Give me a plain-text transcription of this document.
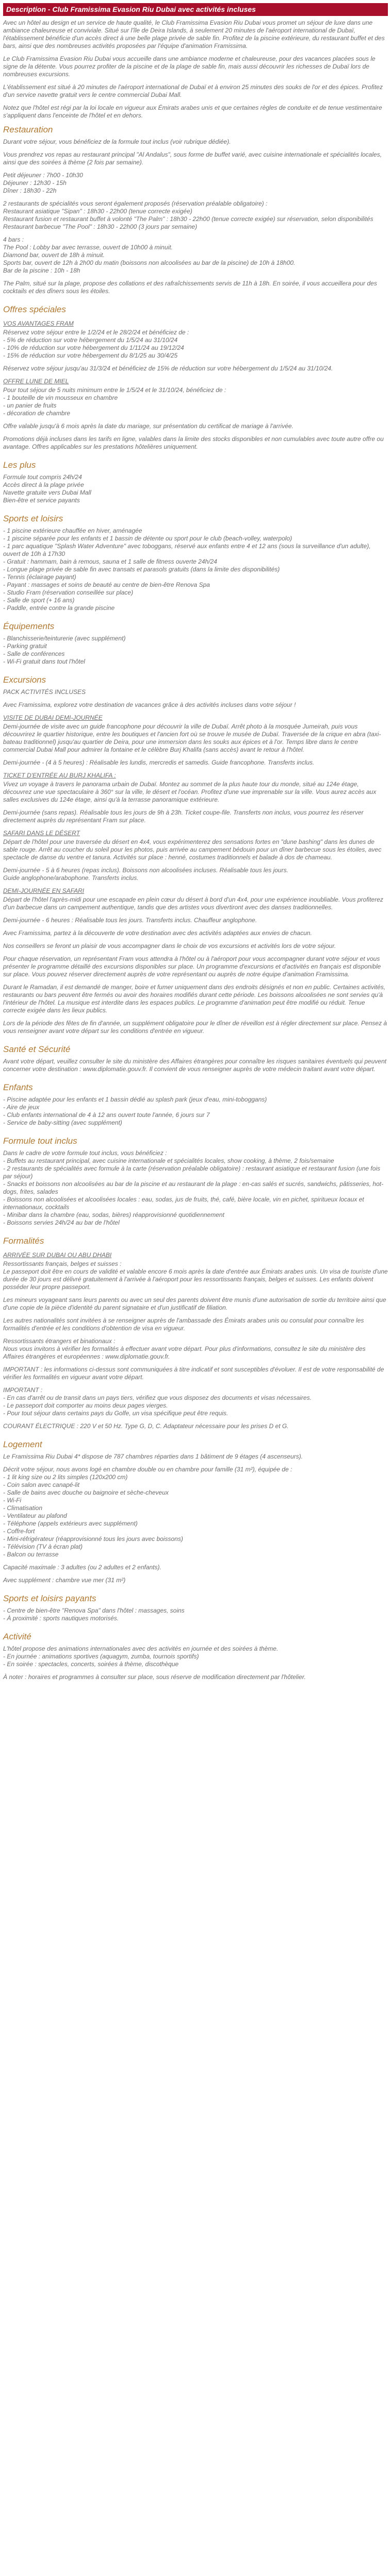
Description - Club Framissima Evasion Riu Dubai avec activités incluses

Avec un hôtel au design et un service de haute qualité, le Club Framissima Evasion Riu Dubai vous promet un séjour de luxe dans une ambiance chaleureuse et conviviale. Situé sur l'île de Deira Islands, à seulement 20 minutes de l'aéroport international de Dubaï, l'établissement bénéficie d'un accès direct à une belle plage privée de sable fin. Profitez de la piscine extérieure, du restaurant buffet et des bars, ainsi que des nombreuses activités proposées par l'équipe d'animation Framissima.

Le Club Framissima Evasion Riu Dubai vous accueille dans une ambiance moderne et chaleureuse, pour des vacances placées sous le signe de la détente. Vous pourrez profiter de la piscine et de la plage de sable fin, mais aussi découvrir les richesses de Dubaï lors de nombreuses excursions.

L'établissement est situé à 20 minutes de l'aéroport international de Dubaï et à environ 25 minutes des souks de l'or et des épices. Profitez d'un service navette gratuit vers le centre commercial Dubai Mall.

Notez que l'hôtel est régi par la loi locale en vigueur aux Émirats arabes unis et que certaines règles de conduite et de tenue vestimentaire s'appliquent dans l'enceinte de l'hôtel et en dehors.

Restauration
Durant votre séjour, vous bénéficiez de la formule tout inclus (voir rubrique dédiée).
Vous prendrez vos repas au restaurant principal "Al Andalus", sous forme de buffet varié, avec cuisine internationale et spécialités locales, ainsi que des soirées à thème (2 fois par semaine).
Petit déjeuner : 7h00 - 10h30
Déjeuner : 12h30 - 15h
Dîner : 18h30 - 22h
2 restaurants de spécialités vous seront également proposés (réservation préalable obligatoire) :
Restaurant asiatique "Sipan" : 18h30 - 22h00 (tenue correcte exigée)
Restaurant fusion et restaurant buffet à volonté "The Palm" : 18h30 - 22h00 (tenue correcte exigée) sur réservation, selon disponibilités
Restaurant barbecue "The Pool" : 18h30 - 22h00 (3 jours par semaine)
4 bars :
The Pool : Lobby bar avec terrasse, ouvert de 10h00 à minuit.
Diamond bar, ouvert de 18h à minuit.
Sports bar, ouvert de 12h à 2h00 du matin (boissons non alcoolisées au bar de la piscine) de 10h à 18h00.
Bar de la piscine : 10h - 18h
The Palm, situé sur la plage, propose des collations et des rafraîchissements servis de 11h à 18h. En soirée, il vous accueillera pour des cocktails et des dîners sous les étoiles.
Offres spéciales
VOS AVANTAGES FRAM
Réservez votre séjour entre le 1/2/24 et le 28/2/24 et bénéficiez de :
- 5% de réduction sur votre hébergement du 1/5/24 au 31/10/24
- 10% de réduction sur votre hébergement du 1/11/24 au 19/12/24
- 15% de réduction sur votre hébergement du 8/1/25 au 30/4/25
Réservez votre séjour jusqu'au 31/3/24 et bénéficiez de 15% de réduction sur votre hébergement du 1/5/24 au 31/10/24.
OFFRE LUNE DE MIEL
Pour tout séjour de 5 nuits minimum entre le 1/5/24 et le 31/10/24, bénéficiez de :
- 1 bouteille de vin mousseux en chambre
- un panier de fruits
- décoration de chambre
Offre valable jusqu'à 6 mois après la date du mariage, sur présentation du certificat de mariage à l'arrivée.
Promotions déjà incluses dans les tarifs en ligne, valables dans la limite des stocks disponibles et non cumulables avec toute autre offre ou avantage. Offres applicables sur les prestations hôtelières uniquement.
Les plus
Formule tout compris 24h/24
Accès direct à la plage privée
Navette gratuite vers Dubai Mall
Bien-être et service payants
Sports et loisirs
- 1 piscine extérieure chauffée en hiver, aménagée
- 1 piscine séparée pour les enfants et 1 bassin de détente ou sport pour le club (beach-volley, waterpolo)
- 1 parc aquatique "Splash Water Adventure" avec toboggans, réservé aux enfants entre 4 et 12 ans (sous la surveillance d'un adulte), ouvert de 10h à 17h30
- Gratuit : hammam, bain à remous, sauna et 1 salle de fitness ouverte 24h/24
- Longue plage privée de sable fin avec transats et parasols gratuits (dans la limite des disponibilités)
- Tennis (éclairage payant)
- Payant : massages et soins de beauté au centre de bien-être Renova Spa
- Studio Fram (réservation conseillée sur place)
- Salle de sport (+ 16 ans)
- Paddle, entrée contre la grande piscine
Équipements
- Blanchisserie/teinturerie (avec supplément)
- Parking gratuit
- Salle de conférences
- Wi-Fi gratuit dans tout l'hôtel
Excursions
PACK ACTIVITÉS INCLUSES
Avec Framissima, explorez votre destination de vacances grâce à des activités incluses dans votre séjour !
VISITE DE DUBAI DEMI-JOURNÉE
Demi-journée de visite avec un guide francophone pour découvrir la ville de Dubaï. Arrêt photo à la mosquée Jumeirah, puis vous découvrirez le quartier historique, entre les boutiques et l'ancien fort où se trouve le musée de Dubaï. Traversée de la crique en abra (taxi-bateau traditionnel) jusqu'au quartier de Deira, pour une immersion dans les souks aux épices et à l'or. Temps libre dans le centre commercial Dubai Mall pour admirer la fontaine et le célèbre Burj Khalifa (sans accès) avant le retour à l'hôtel.
Demi-journée - (4 à 5 heures) : Réalisable les lundis, mercredis et samedis. Guide francophone. Transferts inclus.
TICKET D'ENTRÉE AU BURJ KHALIFA :
Vivez un voyage à travers le panorama urbain de Dubaï. Montez au sommet de la plus haute tour du monde, situé au 124e étage, découvrez une vue spectaculaire à 360° sur la ville, le désert et l'océan. Profitez d'une vue imprenable sur la ville. Vous aurez accès aux salles exclusives du 124e étage, ainsi qu'à la terrasse panoramique extérieure.
Demi-journée (sans repas). Réalisable tous les jours de 9h à 23h. Ticket coupe-file. Transferts non inclus, vous pourrez les réserver directement auprès du représentant Fram sur place.
SAFARI DANS LE DÉSERT
Départ de l'hôtel pour une traversée du désert en 4x4, vous expérimenterez des sensations fortes en "dune bashing" dans les dunes de sable rouge. Arrêt au coucher du soleil pour les photos, puis arrivée au campement bédouin pour un dîner barbecue sous les étoiles, avec spectacle de danse du ventre et tanura. Activités sur place : henné, costumes traditionnels et balade à dos de chameau.
Demi-journée - 5 à 6 heures (repas inclus). Boissons non alcoolisées incluses. Réalisable tous les jours.
Guide anglophone/arabophone. Transferts inclus.
DEMI-JOURNÉE EN SAFARI
Départ de l'hôtel l'après-midi pour une escapade en plein cœur du désert à bord d'un 4x4, pour une expérience inoubliable. Vous profiterez d'un barbecue dans un campement authentique, tandis que des artistes vous divertiront avec des danses traditionnelles.
Demi-journée - 6 heures : Réalisable tous les jours. Transferts inclus. Chauffeur anglophone.
Avec Framissima, partez à la découverte de votre destination avec des activités adaptées aux envies de chacun.
Nos conseillers se feront un plaisir de vous accompagner dans le choix de vos excursions et activités lors de votre séjour.
Pour chaque réservation, un représentant Fram vous attendra à l'hôtel ou à l'aéroport pour vous accompagner durant votre séjour et vous présenter le programme détaillé des excursions disponibles sur place. Un programme d'excursions et d'activités en français est disponible sur place. Vous pouvez réserver directement auprès de votre représentant ou auprès de notre équipe d'animation Framissima.
Durant le Ramadan, il est demandé de manger, boire et fumer uniquement dans des endroits désignés et non en public. Certaines activités, restaurants ou bars peuvent être fermés ou avoir des horaires modifiés durant cette période. Les boissons alcoolisées ne sont servies qu'à l'intérieur de l'hôtel. La musique est interdite dans les espaces publics. Le programme d'animation peut être modifié ou réduit. Tenue correcte exigée dans les lieux publics.
Lors de la période des fêtes de fin d'année, un supplément obligatoire pour le dîner de réveillon est à régler directement sur place. Pensez à vous renseigner avant votre départ sur les conditions d'entrée en vigueur.
Santé et Sécurité
Avant votre départ, veuillez consulter le site du ministère des Affaires étrangères pour connaître les risques sanitaires éventuels qui peuvent concerner votre destination : www.diplomatie.gouv.fr. Il convient de vous renseigner auprès de votre médecin traitant avant votre départ.
Enfants
- Piscine adaptée pour les enfants et 1 bassin dédié au splash park (jeux d'eau, mini-toboggans)
- Aire de jeux
- Club enfants international de 4 à 12 ans ouvert toute l'année, 6 jours sur 7
- Service de baby-sitting (avec supplément)
Formule tout inclus
Dans le cadre de votre formule tout inclus, vous bénéficiez :
- Buffets au restaurant principal, avec cuisine internationale et spécialités locales, show cooking, à thème, 2 fois/semaine
- 2 restaurants de spécialités avec formule à la carte (réservation préalable obligatoire) : restaurant asiatique et restaurant fusion (une fois par séjour)
- Snacks et boissons non alcoolisées au bar de la piscine et au restaurant de la plage : en-cas salés et sucrés, sandwichs, pâtisseries, hot-dogs, frites, salades
- Boissons non alcoolisées et alcoolisées locales : eau, sodas, jus de fruits, thé, café, bière locale, vin en pichet, spiritueux locaux et internationaux, cocktails
- Minibar dans la chambre (eau, sodas, bières) réapprovisionné quotidiennement
- Boissons servies 24h/24 au bar de l'hôtel
Formalités
ARRIVÉE SUR DUBAI OU ABU DHABI
Ressortissants français, belges et suisses :
Le passeport doit être en cours de validité et valable encore 6 mois après la date d'entrée aux Émirats arabes unis. Un visa de touriste d'une durée de 30 jours est délivré gratuitement à l'arrivée à l'aéroport pour les ressortissants français, belges et suisses. Les enfants doivent posséder leur propre passeport.
Les mineurs voyageant sans leurs parents ou avec un seul des parents doivent être munis d'une autorisation de sortie du territoire ainsi que d'une copie de la pièce d'identité du parent signataire et d'un justificatif de filiation.
Les autres nationalités sont invitées à se renseigner auprès de l'ambassade des Émirats arabes unis ou consulat pour connaître les formalités d'entrée et les conditions d'obtention de visa en vigueur.
Ressortissants étrangers et binationaux :
Nous vous invitons à vérifier les formalités à effectuer avant votre départ. Pour plus d'informations, consultez le site du ministère des Affaires étrangères et européennes : www.diplomatie.gouv.fr.
IMPORTANT : les informations ci-dessus sont communiquées à titre indicatif et sont susceptibles d'évoluer. Il est de votre responsabilité de vérifier les formalités en vigueur avant votre départ.
IMPORTANT :
- En cas d'arrêt ou de transit dans un pays tiers, vérifiez que vous disposez des documents et visas nécessaires.
- Le passeport doit comporter au moins deux pages vierges.
- Pour tout séjour dans certains pays du Golfe, un visa spécifique peut être requis.
COURANT ÉLECTRIQUE : 220 V et 50 Hz. Type G, D, C. Adaptateur nécessaire pour les prises D et G.
Logement
Le Framissima Riu Dubai 4* dispose de 787 chambres réparties dans 1 bâtiment de 9 étages (4 ascenseurs).
Décrit votre séjour, nous avons logé en chambre double ou en chambre pour famille (31 m²), équipée de :
- 1 lit king size ou 2 lits simples (120x200 cm)
- Coin salon avec canapé-lit
- Salle de bains avec douche ou baignoire et sèche-cheveux
- Wi-Fi
- Climatisation
- Ventilateur au plafond
- Téléphone (appels extérieurs avec supplément)
- Coffre-fort
- Mini-réfrigérateur (réapprovisionné tous les jours avec boissons)
- Télévision (TV à écran plat)
- Balcon ou terrasse
Capacité maximale : 3 adultes (ou 2 adultes et 2 enfants).
Avec supplément : chambre vue mer (31 m²)
Sports et loisirs payants
- Centre de bien-être "Renova Spa" dans l'hôtel : massages, soins
- À proximité : sports nautiques motorisés.
Activité
L'hôtel propose des animations internationales avec des activités en journée et des soirées à thème.
- En journée : animations sportives (aquagym, zumba, tournois sportifs)
- En soirée : spectacles, concerts, soirées à thème, discothèque
À noter : horaires et programmes à consulter sur place, sous réserve de modification directement par l'hôtelier.
